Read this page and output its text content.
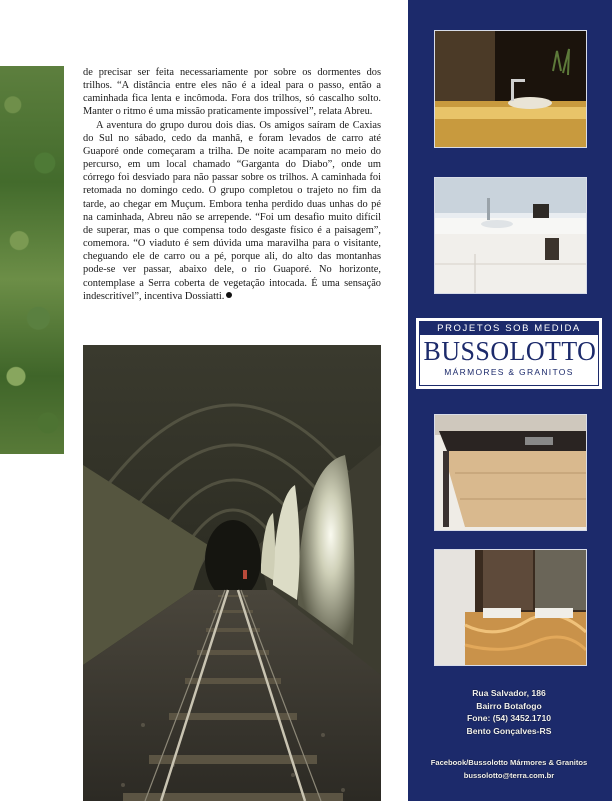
de precisar ser feita necessariamente por sobre os dormentes dos trilhos. “A distância entre eles não é a ideal para o passo, então a caminhada fica lenta e incômoda. Fora dos trilhos, só cascalho solto. Manter o ritmo é uma missão praticamente impossível”, relata Abreu.

A aventura do grupo durou dois dias. Os amigos saíram de Caxias do Sul no sábado, cedo da manhã, e foram levados de carro até Guaporé onde começaram a trilha. De noite acamparam no meio do percurso, em um local chamado “Garganta do Diabo”, onde um córrego foi desviado para não passar sobre os trilhos. A caminhada foi retomada no domingo cedo. O grupo completou o trajeto no fim da tarde, ao chegar em Muçum. Embora tenha perdido duas unhas do pé na caminhada, Abreu não se arrepende. “Foi um desafio muito difícil de superar, mas o que compensa todo desgaste físico é a paisagem”, comemora. “O viaduto é sem dúvida uma maravilha para o visitante, cheguando ele de carro ou a pé, porque ali, do alto das montanhas pode-se ver passar, abaixo dele, o rio Guaporé. No horizonte, contemplase a Serra coberta de vegetação intocada. É uma sensação indescritível”, incentiva Dossiatti.

PROJETOS SOB MEDIDA
BUSSOLOTTO
MÁRMORES & GRANITOS
Rua Salvador, 186
Bairro Botafogo
Fone: (54) 3452.1710
Bento Gonçalves-RS
Facebook/Bussolotto Mármores & Granitos
bussolotto@terra.com.br
